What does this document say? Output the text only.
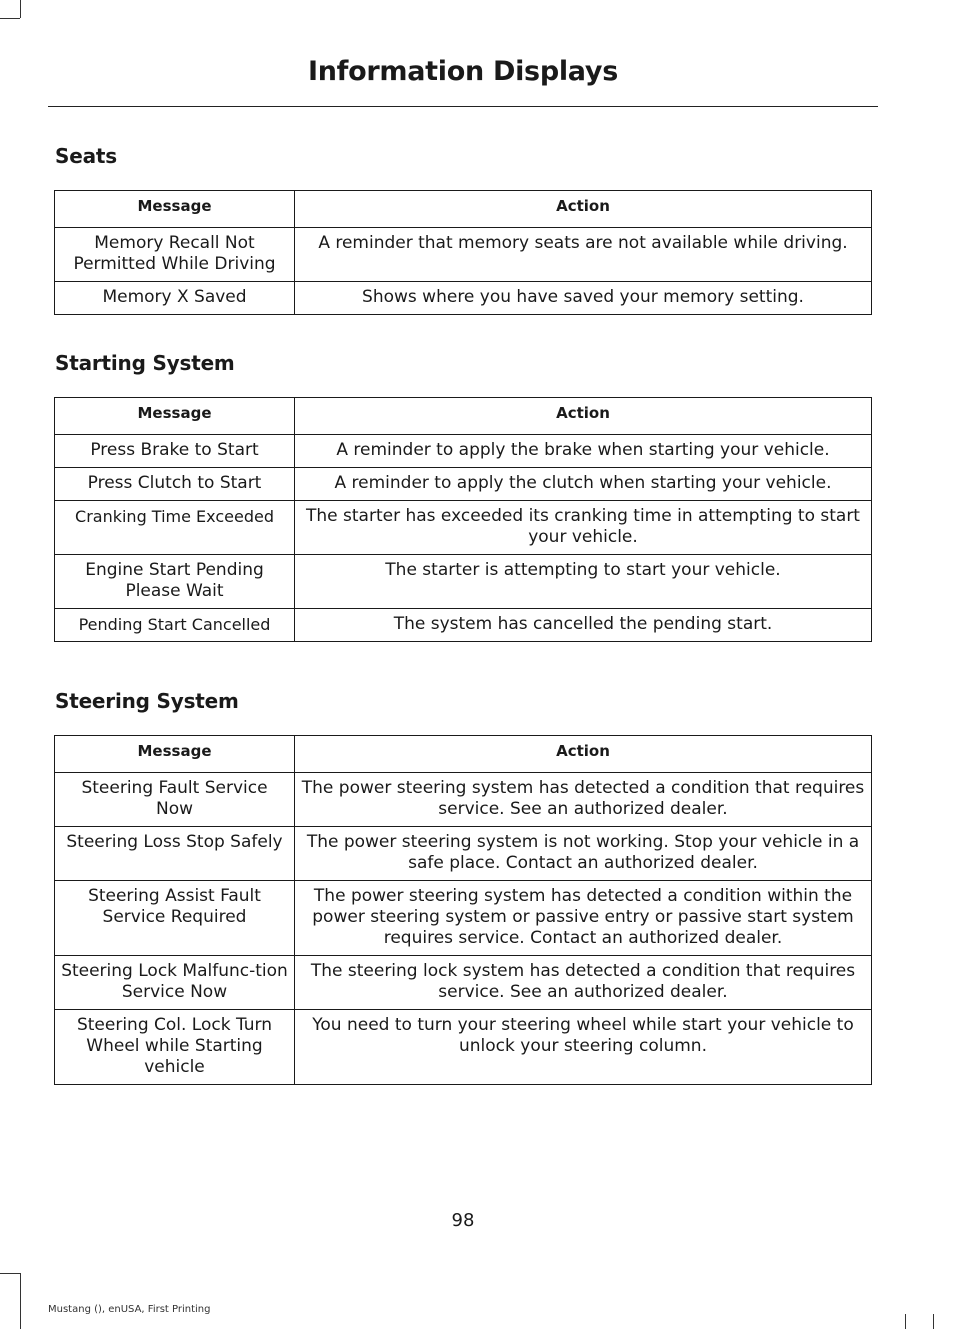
Information Displays
Seats
Message	Action
Memory Recall Not Permitted While Driving	A reminder that memory seats are not available while driving.
Memory X Saved	Shows where you have saved your memory setting.
Starting System
Message	Action
Press Brake to Start	A reminder to apply the brake when starting your vehicle.
Press Clutch to Start	A reminder to apply the clutch when starting your vehicle.
Cranking Time Exceeded	The starter has exceeded its cranking time in attempting to start your vehicle.
Engine Start Pending Please Wait	The starter is attempting to start your vehicle.
Pending Start Cancelled	The system has cancelled the pending start.
Steering System
Message	Action
Steering Fault Service Now	The power steering system has detected a condition that requires service. See an authorized dealer.
Steering Loss Stop Safely	The power steering system is not working. Stop your vehicle in a safe place. Contact an authorized dealer.
Steering Assist Fault Service Required	The power steering system has detected a condition within the power steering system or passive entry or passive start system requires service. Contact an authorized dealer.
Steering Lock Malfunc-tion Service Now	The steering lock system has detected a condition that requires service. See an authorized dealer.
Steering Col. Lock Turn Wheel while Starting vehicle	You need to turn your steering wheel while start your vehicle to unlock your steering column.
98
Mustang (), enUSA, First Printing
